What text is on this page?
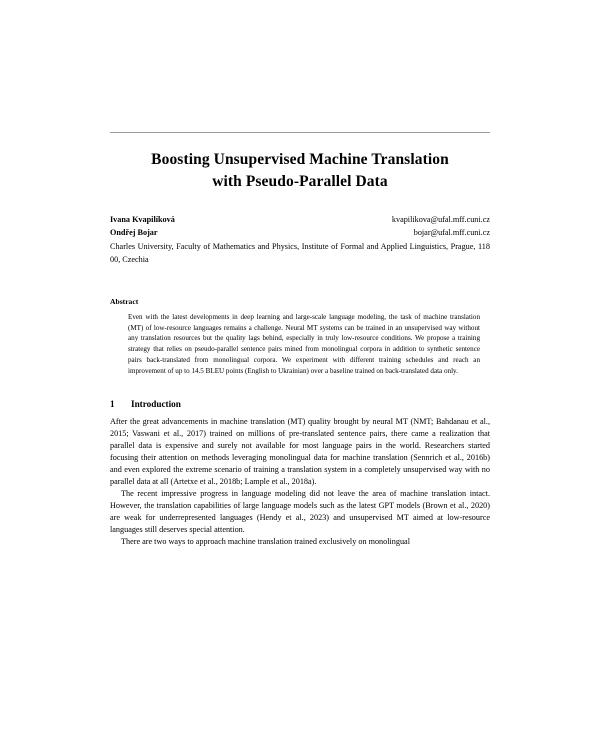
Boosting Unsupervised Machine Translation
with Pseudo-Parallel Data
Ivana Kvapilíková	kvapilikova@ufal.mff.cuni.cz
Ondřej Bojar	bojar@ufal.mff.cuni.cz
Charles University, Faculty of Mathematics and Physics, Institute of Formal and Applied Linguistics, Prague, 118 00, Czechia
Abstract
Even with the latest developments in deep learning and large-scale language modeling, the task of machine translation (MT) of low-resource languages remains a challenge. Neural MT systems can be trained in an unsupervised way without any translation resources but the quality lags behind, especially in truly low-resource conditions. We propose a training strategy that relies on pseudo-parallel sentence pairs mined from monolingual corpora in addition to synthetic sentence pairs back-translated from monolingual corpora. We experiment with different training schedules and reach an improvement of up to 14.5 BLEU points (English to Ukrainian) over a baseline trained on back-translated data only.
1	Introduction

After the great advancements in machine translation (MT) quality brought by neural MT (NMT; Bahdanau et al., 2015; Vaswani et al., 2017) trained on millions of pre-translated sentence pairs, there came a realization that parallel data is expensive and surely not available for most language pairs in the world. Researchers started focusing their attention on methods leveraging monolingual data for machine translation (Sennrich et al., 2016b) and even explored the extreme scenario of training a translation system in a completely unsupervised way with no parallel data at all (Artetxe et al., 2018b; Lample et al., 2018a).

The recent impressive progress in language modeling did not leave the area of machine translation intact. However, the translation capabilities of large language models such as the latest GPT models (Brown et al., 2020) are weak for underrepresented languages (Hendy et al., 2023) and unsupervised MT aimed at low-resource languages still deserves special attention.

There are two ways to approach machine translation trained exclusively on monolingual
